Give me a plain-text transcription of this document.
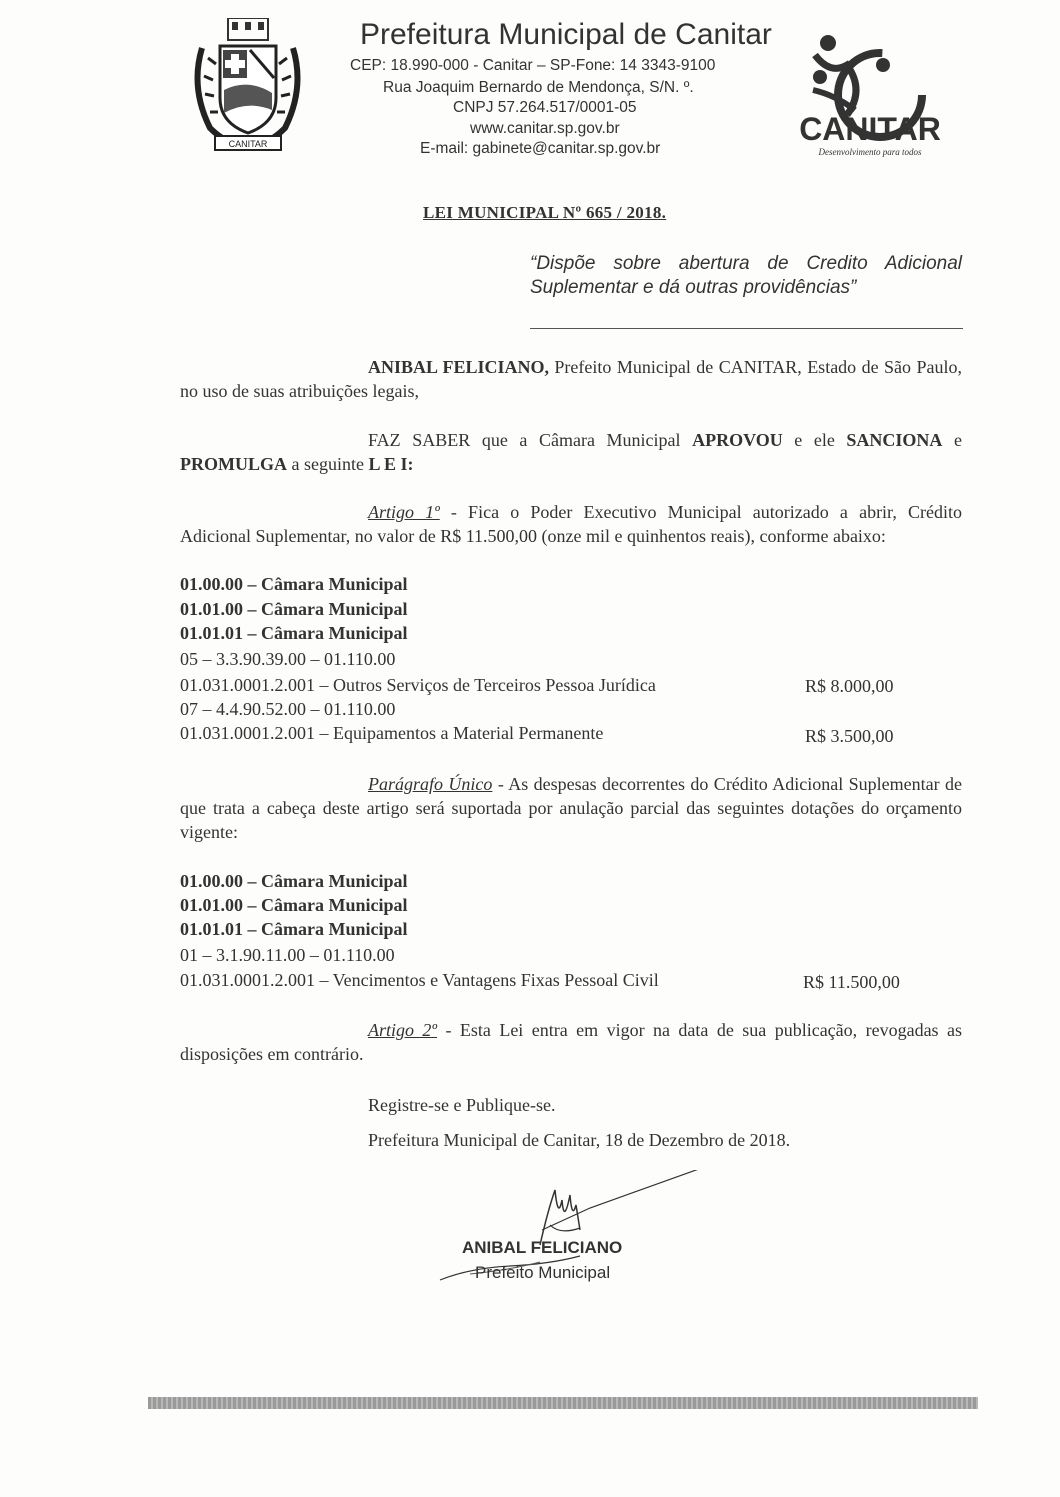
CANITAR
Prefeitura Municipal de Canitar
CEP: 18.990-000 - Canitar – SP-Fone: 14 3343-9100
Rua Joaquim Bernardo de Mendonça, S/N. º.
CNPJ 57.264.517/0001-05
www.canitar.sp.gov.br
E-mail: gabinete@canitar.sp.gov.br
CANITAR
Desenvolvimento para todos
LEI MUNICIPAL Nº 665 / 2018.
“Dispõe sobre abertura de Credito Adicional Suplementar e dá outras providências”
ANIBAL FELICIANO, Prefeito Municipal de CANITAR, Estado de São Paulo, no uso de suas atribuições legais,
FAZ SABER que a Câmara Municipal APROVOU e ele SANCIONA e PROMULGA a seguinte L E I:
Artigo 1º - Fica o Poder Executivo Municipal autorizado a abrir, Crédito Adicional Suplementar, no valor de R$ 11.500,00 (onze mil e quinhentos reais), conforme abaixo:
01.00.00 – Câmara Municipal
01.01.00 – Câmara Municipal
01.01.01 – Câmara Municipal
05 – 3.3.90.39.00 – 01.110.00
01.031.0001.2.001 – Outros Serviços de Terceiros Pessoa Jurídica	R$ 8.000,00
07 – 4.4.90.52.00 – 01.110.00
01.031.0001.2.001 – Equipamentos a Material Permanente	R$ 3.500,00
Parágrafo Único - As despesas decorrentes do Crédito Adicional Suplementar de que trata a cabeça deste artigo será suportada por anulação parcial das seguintes dotações do orçamento vigente:
01.00.00 – Câmara Municipal
01.01.00 – Câmara Municipal
01.01.01 – Câmara Municipal
01 – 3.1.90.11.00 – 01.110.00
01.031.0001.2.001 – Vencimentos e Vantagens Fixas Pessoal Civil	R$ 11.500,00
Artigo 2º - Esta Lei entra em vigor na data de sua publicação, revogadas as disposições em contrário.
Registre-se e Publique-se.
Prefeitura Municipal de Canitar, 18 de Dezembro de 2018.
ANIBAL FELICIANO
Prefeito Municipal
